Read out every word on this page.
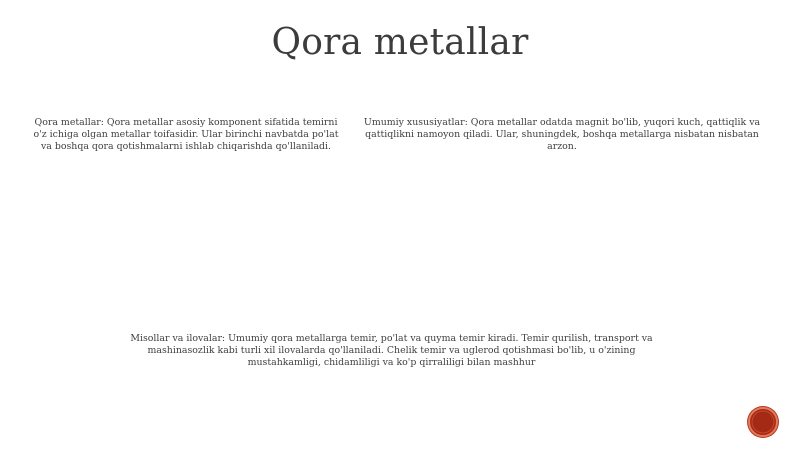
Qora metallar
Qora metallar: Qora metallar asosiy komponent sifatida temirni o'z ichiga olgan metallar toifasidir. Ular birinchi navbatda po'lat va boshqa qora qotishmalarni ishlab chiqarishda qo'llaniladi.
Umumiy xususiyatlar: Qora metallar odatda magnit bo'lib, yuqori kuch, qattiqlik va qattiqlikni namoyon qiladi. Ular, shuningdek, boshqa metallarga nisbatan nisbatan arzon.
Misollar va ilovalar: Umumiy qora metallarga temir, po'lat va quyma temir kiradi. Temir qurilish, transport va mashinasozlik kabi turli xil ilovalarda qo'llaniladi. Chelik temir va uglerod qotishmasi bo'lib, u o'zining mustahkamligi, chidamliligi va ko'p qirraliligi bilan mashhur
